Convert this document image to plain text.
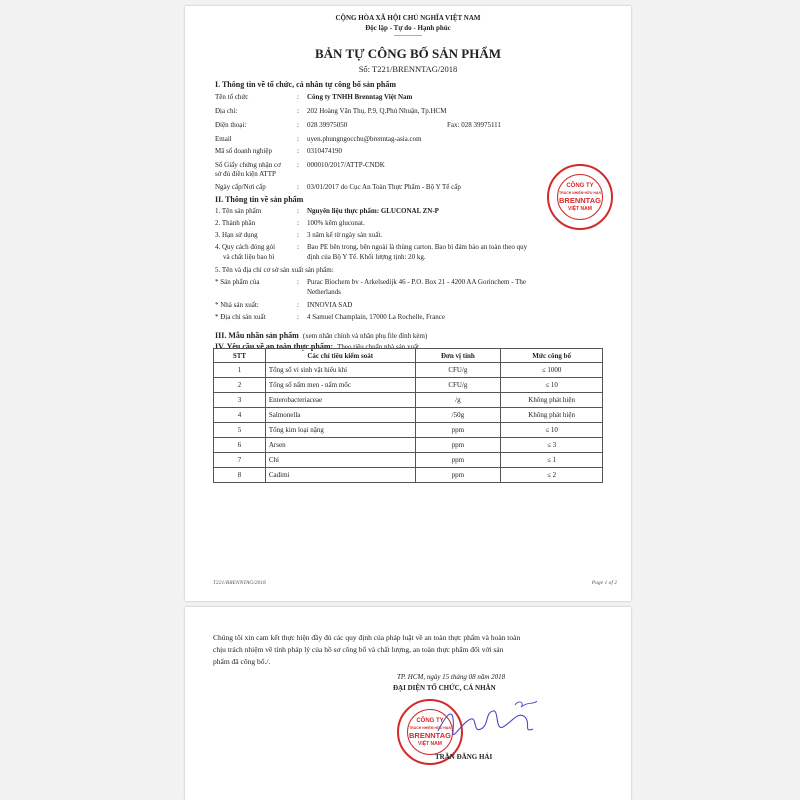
CỘNG HÒA XÃ HỘI CHỦ NGHĨA VIỆT NAM
Độc lập - Tự do - Hạnh phúc
--------------
BẢN TỰ CÔNG BỐ SẢN PHẨM
Số: T221/BRENNTAG/2018
I. Thông tin về tổ chức, cá nhân tự công bố sản phẩm
Tên tổ chức	: Công ty TNHH Brenntag Việt Nam
Địa chỉ:	: 202 Hoàng Văn Thụ, P.9, Q.Phú Nhuận, Tp.HCM
Điện thoại:	: 028 39975050	Fax: 028 39975111
Email	: uyen.phungngocchu@brenntag-asia.com
Mã số doanh nghiệp	: 0310474190
Số Giấy chứng nhận cơ
sở đủ điều kiện ATTP
: 000010/2017/ATTP-CNDK
Ngày cấp/Nơi cấp	: 03/01/2017 do Cục An Toàn Thực Phẩm - Bộ Y Tế cấp
II. Thông tin về sản phẩm
1. Tên sản phẩm	: Nguyên liệu thực phẩm: GLUCONAL ZN-P
2. Thành phần	: 100% kẽm gluconat.
3. Hạn sử dụng	: 3 năm kể từ ngày sản xuất.
4. Quy cách đóng gói
và chất liệu bao bì
: Bao PE bên trong, bên ngoài là thùng carton. Bao bì đảm bảo an toàn theo quy
định của Bộ Y Tế. Khối lượng tịnh: 20 kg.
5. Tên và địa chỉ cơ sở sản xuất sản phẩm:
* Sản phẩm của	: Purac Biochem bv - Arkelsedijk 46 - P.O. Box 21 - 4200 AA Gorinchem - The
Netherlands
* Nhà sản xuất:	: INNOVIA SAD
* Địa chỉ sản xuất	: 4 Samuel Champlain, 17000 La Rochelle, France
III. Mẫu nhãn sản phẩm (xem nhãn chính và nhãn phụ file đính kèm)
IV. Yêu cầu về an toàn thực phẩm: Theo tiêu chuẩn nhà sản xuất
STT	Các chỉ tiêu kiểm soát	Đơn vị tính	Mức công bố
1	Tổng số vi sinh vật hiếu khí	CFU/g	≤ 1000
2	Tổng số nấm men - nấm mốc	CFU/g	≤ 10
3	Enterobacteriaceae	/g	Không phát hiện
4	Salmonella	/50g	Không phát hiện
5	Tổng kim loại nặng	ppm	≤ 10
6	Arsen	ppm	≤ 3
7	Chì	ppm	≤ 1
8	Cadimi	ppm	≤ 2
CÔNG TY
TRÁCH NHIỆM HỮU HẠN
BRENNTAG
VIỆT NAM
T221/BRENNTAG/2018	Page 1 of 2
Chúng tôi xin cam kết thực hiện đầy đủ các quy định của pháp luật về an toàn thực phẩm và hoàn toàn
chịu trách nhiệm về tính pháp lý của hồ sơ công bố và chất lượng, an toàn thực phẩm đối với sản
phẩm đã công bố./.
TP. HCM, ngày 15 tháng 08 năm 2018
ĐẠI DIỆN TỔ CHỨC, CÁ NHÂN
CÔNG TY
TRÁCH NHIỆM HỮU HẠN
BRENNTAG
VIỆT NAM
TRẦN ĐĂNG HẢI
